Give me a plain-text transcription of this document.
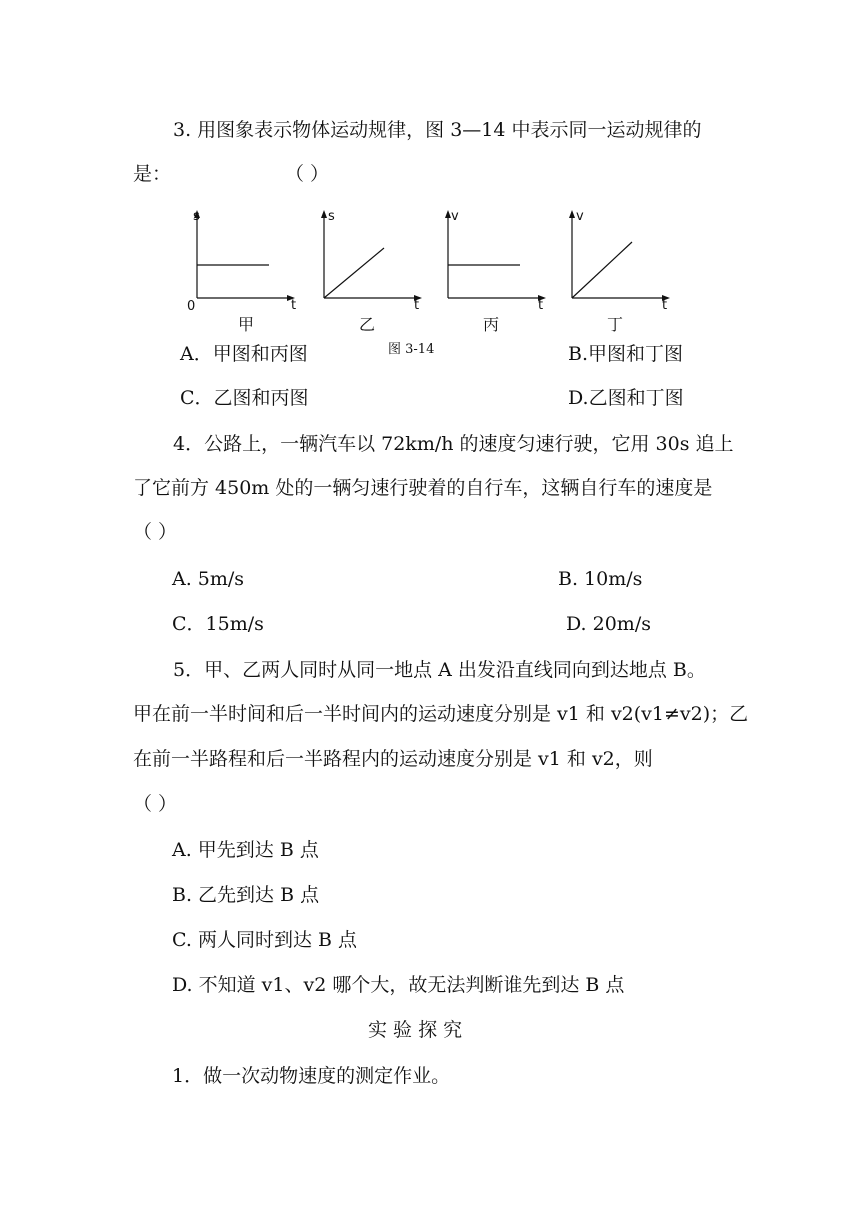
3. 用图象表示物体运动规律，图 3—14 中表示同一运动规律的
是：	（ ）
s
t
0
甲
s
t
乙
v
t
丙
v
t
丁
图 3-14
A．甲图和丙图	B.甲图和丁图
C．乙图和丙图	D.乙图和丁图
4．公路上，一辆汽车以 72km/h 的速度匀速行驶，它用 30s 追上
了它前方 450m 处的一辆匀速行驶着的自行车，这辆自行车的速度是
（ ）
A. 5m/s	B. 10m/s
C．15m/s	D. 20m/s
5．甲、乙两人同时从同一地点 A 出发沿直线同向到达地点 B。
甲在前一半时间和后一半时间内的运动速度分别是 v1 和 v2(v1≠v2)；乙
在前一半路程和后一半路程内的运动速度分别是 v1 和 v2，则
（ ）
A. 甲先到达 B 点
B. 乙先到达 B 点
C. 两人同时到达 B 点
D. 不知道 v1、v2 哪个大，故无法判断谁先到达 B 点
实 验 探 究
1．做一次动物速度的测定作业。
